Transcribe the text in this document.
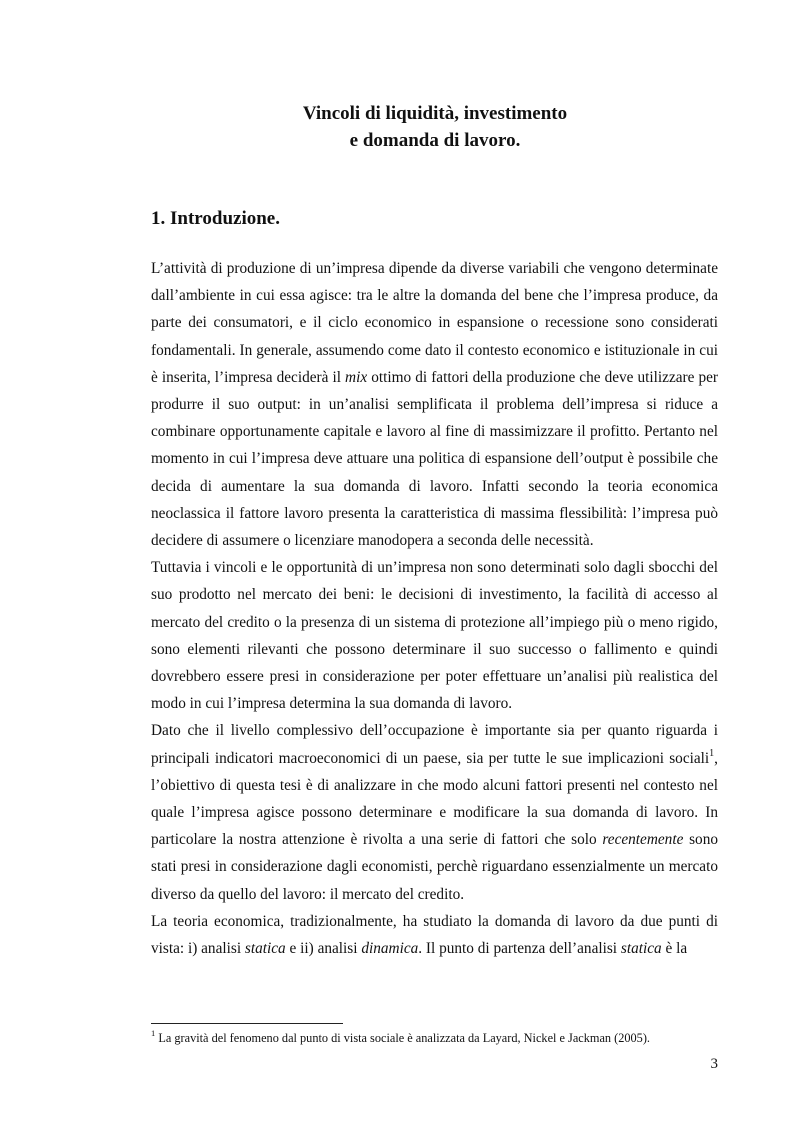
Vincoli di liquidità, investimento
e domanda di lavoro.
1. Introduzione.

L’attività di produzione di un’impresa dipende da diverse variabili che vengono determinate dall’ambiente in cui essa agisce: tra le altre la domanda del bene che l’impresa produce, da parte dei consumatori, e il ciclo economico in espansione o recessione sono considerati fondamentali. In generale, assumendo come dato il contesto economico e istituzionale in cui è inserita, l’impresa deciderà il mix ottimo di fattori della produzione che deve utilizzare per produrre il suo output: in un’analisi semplificata il problema dell’impresa si riduce a combinare opportunamente capitale e lavoro al fine di massimizzare il profitto. Pertanto nel momento in cui l’impresa deve attuare una politica di espansione dell’output è possibile che decida di aumentare la sua domanda di lavoro. Infatti secondo la teoria economica neoclassica il fattore lavoro presenta la caratteristica di massima flessibilità: l’impresa può decidere di assumere o licenziare manodopera a seconda delle necessità.

Tuttavia i vincoli e le opportunità di un’impresa non sono determinati solo dagli sbocchi del suo prodotto nel mercato dei beni: le decisioni di investimento, la facilità di accesso al mercato del credito o la presenza di un sistema di protezione all’impiego più o meno rigido, sono elementi rilevanti che possono determinare il suo successo o fallimento e quindi dovrebbero essere presi in considerazione per poter effettuare un’analisi più realistica del modo in cui l’impresa determina la sua domanda di lavoro.

Dato che il livello complessivo dell’occupazione è importante sia per quanto riguarda i principali indicatori macroeconomici di un paese, sia per tutte le sue implicazioni sociali$^1$, l’obiettivo di questa tesi è di analizzare in che modo alcuni fattori presenti nel contesto nel quale l’impresa agisce possono determinare e modificare la sua domanda di lavoro. In particolare la nostra attenzione è rivolta a una serie di fattori che solo recentemente sono stati presi in considerazione dagli economisti, perchè riguardano essenzialmente un mercato diverso da quello del lavoro: il mercato del credito.

La teoria economica, tradizionalmente, ha studiato la domanda di lavoro da due punti di vista: i) analisi statica e ii) analisi dinamica. Il punto di partenza dell’analisi statica è la

$^1$ La gravità del fenomeno dal punto di vista sociale è analizzata da Layard, Nickel e Jackman (2005).
3
